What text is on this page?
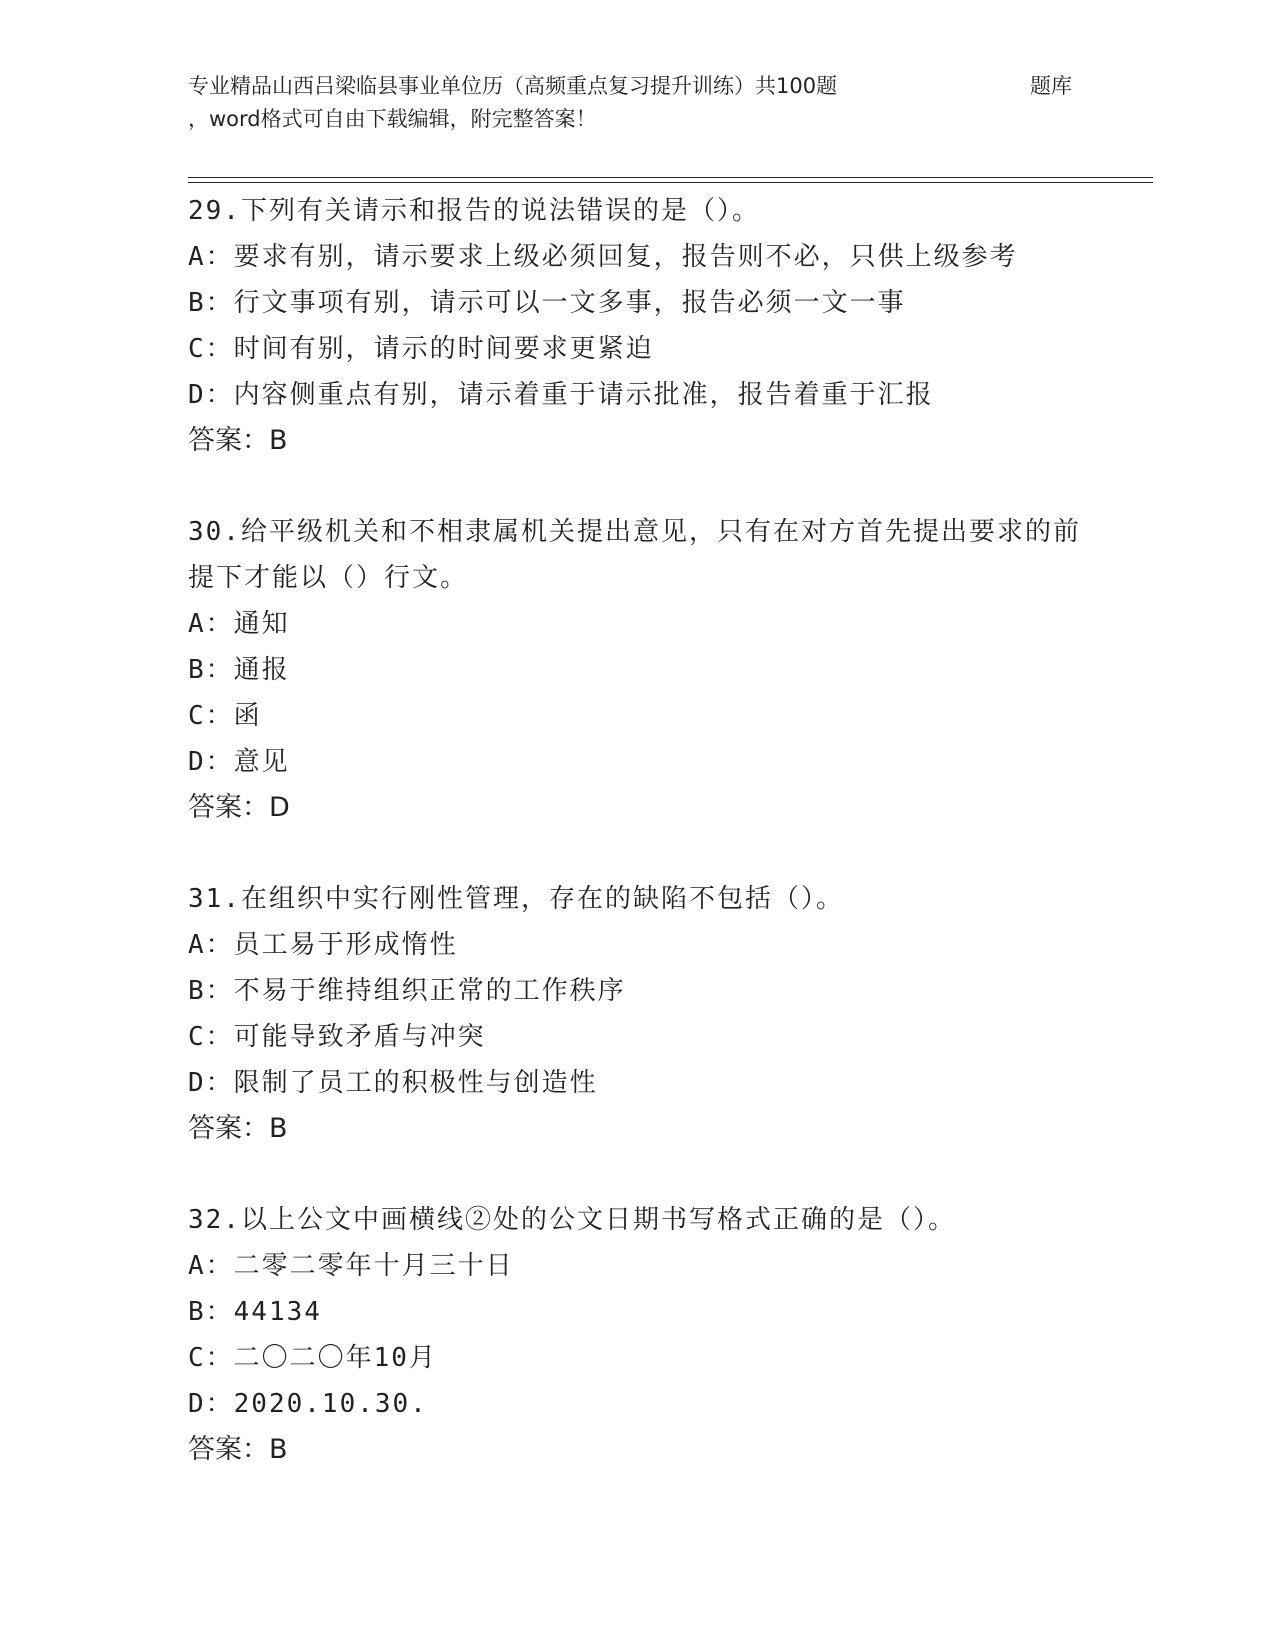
专业精品山西吕梁临县事业单位历（高频重点复习提升训练）共100题	题库
，word格式可自由下载编辑，附完整答案！

29.下列有关请示和报告的说法错误的是（）。

A：要求有别，请示要求上级必须回复，报告则不必，只供上级参考

B：行文事项有别，请示可以一文多事，报告必须一文一事

C：时间有别，请示的时间要求更紧迫

D：内容侧重点有别，请示着重于请示批准，报告着重于汇报

答案：B

30.给平级机关和不相隶属机关提出意见，只有在对方首先提出要求的前提下才能以（）行文。

A：通知

B：通报

C：函

D：意见

答案：D

31.在组织中实行刚性管理，存在的缺陷不包括（）。

A：员工易于形成惰性

B：不易于维持组织正常的工作秩序

C：可能导致矛盾与冲突

D：限制了员工的积极性与创造性

答案：B

32.以上公文中画横线②处的公文日期书写格式正确的是（）。

A：二零二零年十月三十日

B：44134

C：二〇二〇年10月

D：2020.10.30.

答案：B
